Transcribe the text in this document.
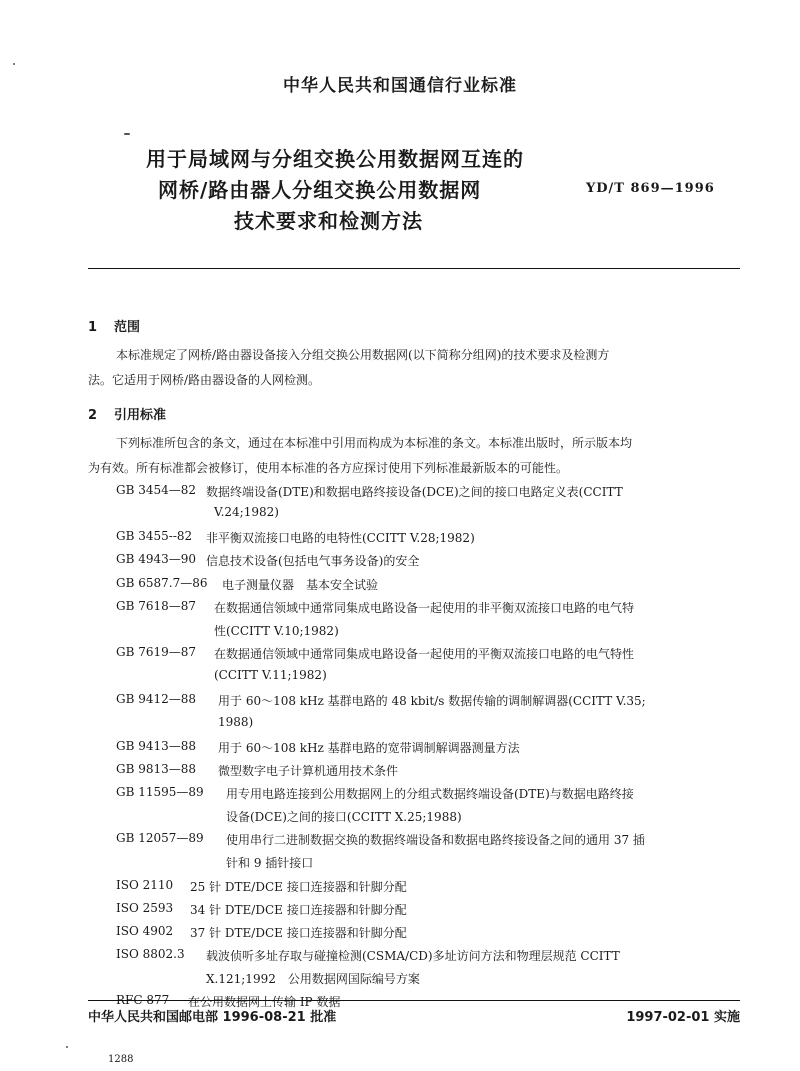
中华人民共和国通信行业标准
用于局域网与分组交换公用数据网互连的
网桥/路由器人分组交换公用数据网
技术要求和检测方法
YD/T 869—1996
1 范围
本标准规定了网桥/路由器设备接入分组交换公用数据网(以下简称分组网)的技术要求及检测方
法。它适用于网桥/路由器设备的人网检测。
2 引用标准
下列标准所包含的条文，通过在本标准中引用而构成为本标准的条文。本标准出版时，所示版本均
为有效。所有标准都会被修订，使用本标准的各方应探讨使用下列标准最新版本的可能性。
GB 3454—82 数据终端设备(DTE)和数据电路终接设备(DCE)之间的接口电路定义表(CCITT
V.24;1982)
GB 3455--82 非平衡双流接口电路的电特性(CCITT V.28;1982)
GB 4943—90 信息技术设备(包括电气事务设备)的安全
GB 6587.7—86 电子测量仪器　基本安全试验
GB 7618—87 在数据通信领域中通常同集成电路设备一起使用的非平衡双流接口电路的电气特
性(CCITT V.10;1982)
GB 7619—87 在数据通信领域中通常同集成电路设备一起使用的平衡双流接口电路的电气特性
(CCITT V.11;1982)
GB 9412—88 用于 60～108 kHz 基群电路的 48 kbit/s 数据传输的调制解调器(CCITT V.35;
1988)
GB 9413—88 用于 60～108 kHz 基群电路的宽带调制解调器测量方法
GB 9813—88 微型数字电子计算机通用技术条件
GB 11595—89 用专用电路连接到公用数据网上的分组式数据终端设备(DTE)与数据电路终接
设备(DCE)之间的接口(CCITT X.25;1988)
GB 12057—89 使用串行二进制数据交换的数据终端设备和数据电路终接设备之间的通用 37 插
针和 9 插针接口
ISO 2110 25 针 DTE/DCE 接口连接器和针脚分配
ISO 2593 34 针 DTE/DCE 接口连接器和针脚分配
ISO 4902 37 针 DTE/DCE 接口连接器和针脚分配
ISO 8802.3 载波侦听多址存取与碰撞检测(CSMA/CD)多址访问方法和物理层规范 CCITT
X.121;1992　公用数据网国际编号方案
RFC 877 在公用数据网上传输 IP 数据
中华人民共和国邮电部 1996-08-21 批准	1997-02-01 实施
1288
